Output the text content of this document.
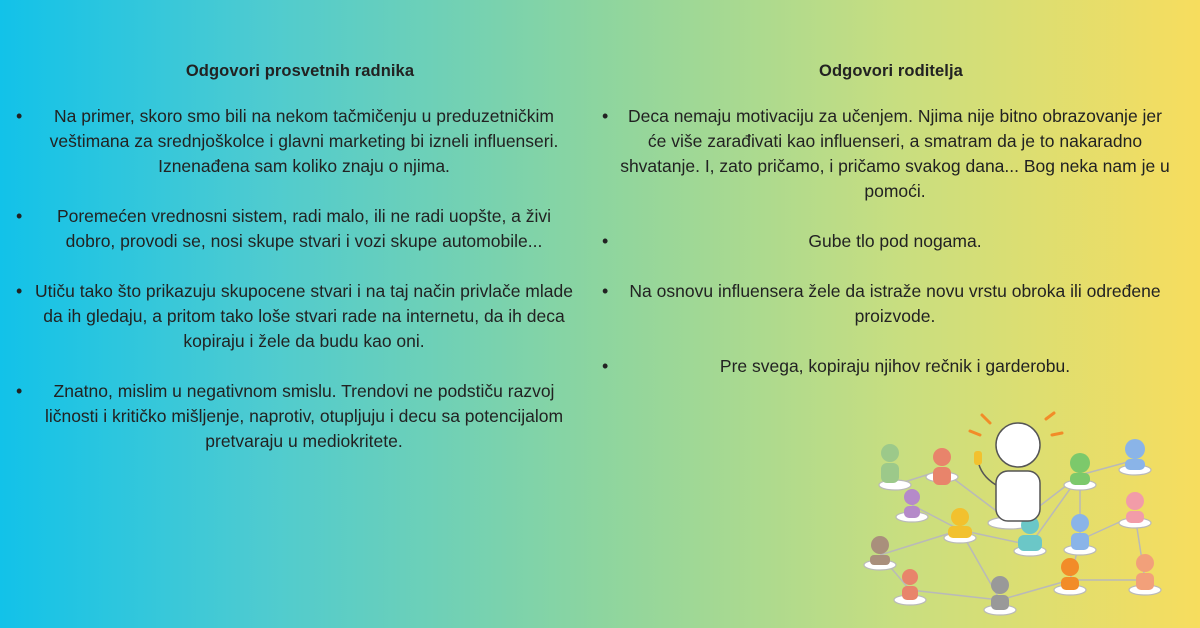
Odgovori prosvetnih radnika
• Na primer, skoro smo bili na nekom tačmičenju u preduzetničkim veštimana za srednjoškolce i glavni marketing bi izneli influenseri. Iznenađena sam koliko znaju o njima.
• Poremećen vrednosni sistem, radi malo, ili ne radi uopšte, a živi dobro, provodi se, nosi skupe stvari i vozi skupe automobile...
• Utiču tako što prikazuju skupocene stvari i na taj način privlače mlade da ih gledaju, a pritom tako loše stvari rade na internetu, da ih deca kopiraju i žele da budu kao oni.
• Znatno, mislim u negativnom smislu. Trendovi ne podstiču razvoj ličnosti i kritičko mišljenje, naprotiv, otupljuju i decu sa potencijalom pretvaraju u mediokritete.
Odgovori roditelja
• Deca nemaju motivaciju za učenjem. Njima nije bitno obrazovanje jer će više zarađivati kao influenseri, a smatram da je to nakaradno shvatanje. I, zato pričamo, i pričamo svakog dana... Bog neka nam je u pomoći.
•	Gube tlo pod nogama.
• Na osnovu influensera žele da istraže novu vrstu obroka ili određene proizvode.
•	Pre svega, kopiraju njihov rečnik i garderobu.
